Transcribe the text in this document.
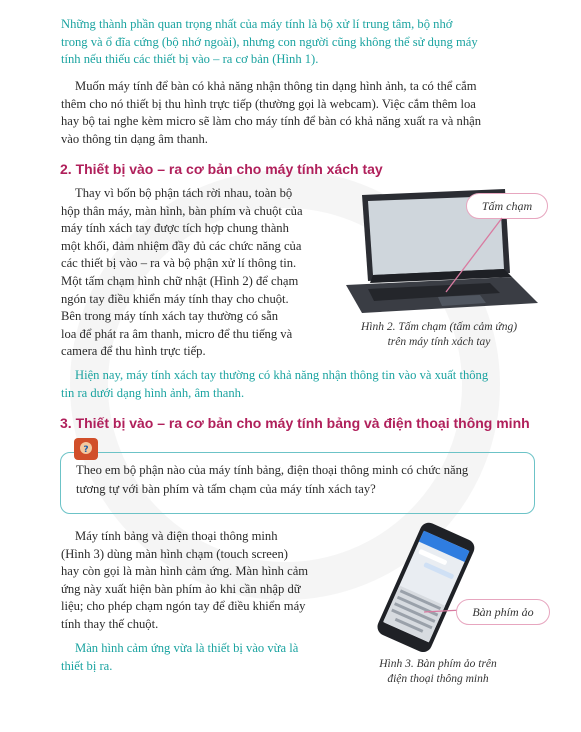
Những thành phần quan trọng nhất của máy tính là bộ xử lí trung tâm, bộ nhớ
trong và ổ đĩa cứng (bộ nhớ ngoài), nhưng con người cũng không thể sử dụng máy
tính nếu thiếu các thiết bị vào – ra cơ bản (Hình 1).
Muốn máy tính để bàn có khả năng nhận thông tin dạng hình ảnh, ta có thể cắm
thêm cho nó thiết bị thu hình trực tiếp (thường gọi là webcam). Việc cắm thêm loa
hay bộ tai nghe kèm micro sẽ làm cho máy tính để bàn có khả năng xuất ra và nhận
vào thông tin dạng âm thanh.
2. Thiết bị vào – ra cơ bản cho máy tính xách tay
Thay vì bốn bộ phận tách rời nhau, toàn bộ
hộp thân máy, màn hình, bàn phím và chuột của
máy tính xách tay được tích hợp chung thành
một khối, đảm nhiệm đầy đủ các chức năng của
các thiết bị vào – ra và bộ phận xử lí thông tin.
Một tấm chạm hình chữ nhật (Hình 2) để chạm
ngón tay điều khiển máy tính thay cho chuột.
Bên trong máy tính xách tay thường có sẵn
loa để phát ra âm thanh, micro để thu tiếng và
camera để thu hình trực tiếp.
Tấm chạm
Hình 2. Tấm chạm (tấm cảm ứng)
trên máy tính xách tay
Hiện nay, máy tính xách tay thường có khả năng nhận thông tin vào và xuất thông
tin ra dưới dạng hình ảnh, âm thanh.
3. Thiết bị vào – ra cơ bản cho máy tính bảng và điện thoại thông minh
?
Theo em bộ phận nào của máy tính bảng, điện thoại thông minh có chức năng
tương tự với bàn phím và tấm chạm của máy tính xách tay?
Máy tính bảng và điện thoại thông minh
(Hình 3) dùng màn hình chạm (touch screen)
hay còn gọi là màn hình cảm ứng. Màn hình cảm
ứng này xuất hiện bàn phím ảo khi cần nhập dữ
liệu; cho phép chạm ngón tay để điều khiển máy
tính thay thế chuột.
Màn hình cảm ứng vừa là thiết bị vào vừa là
thiết bị ra.
Bàn phím ảo
Hình 3. Bàn phím ảo trên
điện thoại thông minh
